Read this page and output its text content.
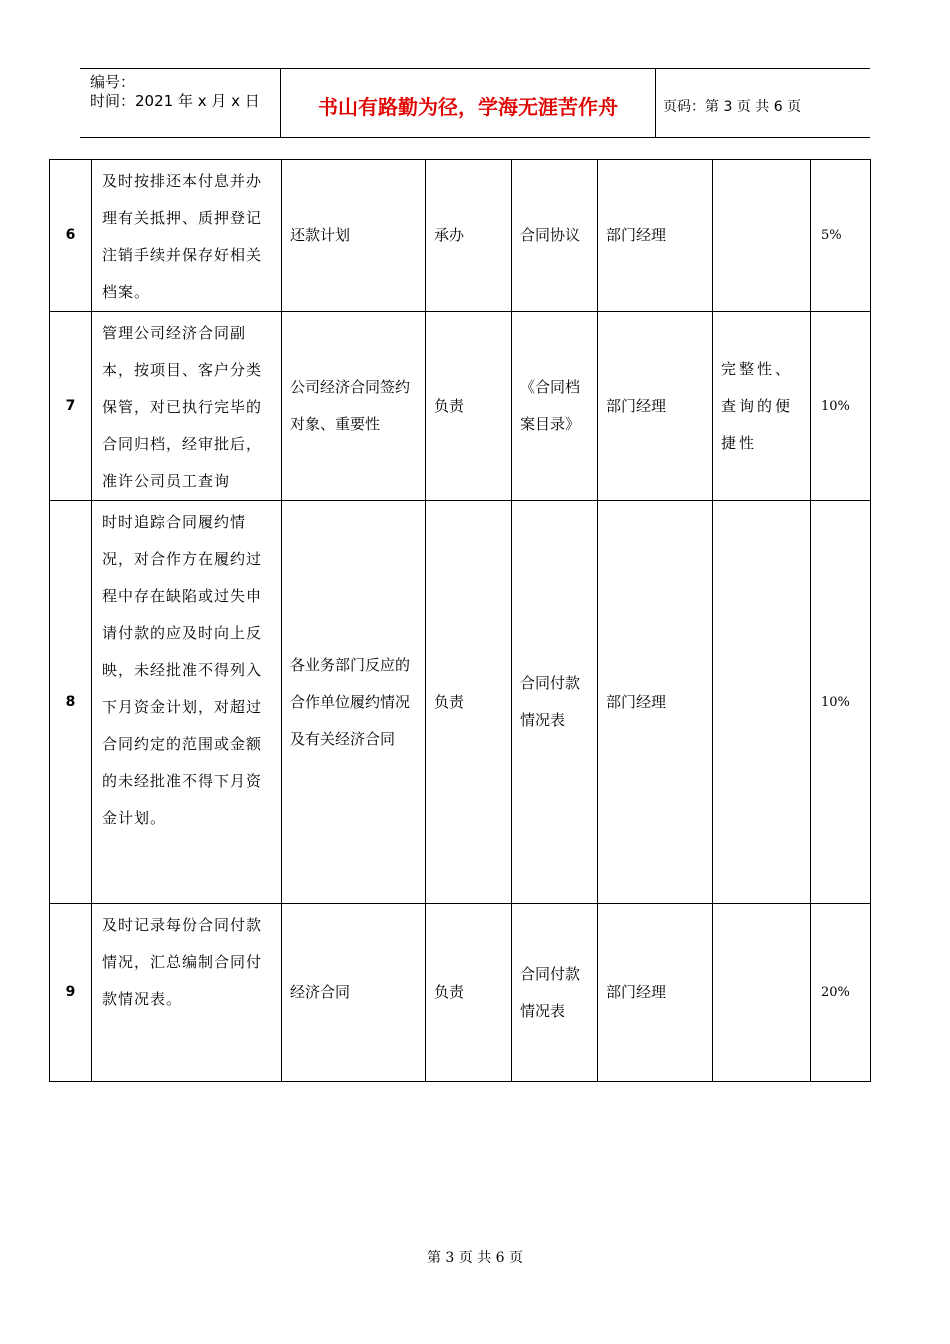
编号：
时间：2021 年 x 月 x 日	书山有路勤为径，学海无涯苦作舟	页码：第 3 页 共 6 页
6	及时按排还本付息并办理有关抵押、质押登记注销手续并保存好相关档案。	还款计划	承办	合同协议	部门经理		5%
7	管理公司经济合同副本，按项目、客户分类保管，对已执行完毕的合同归档，经审批后，准许公司员工查询	公司经济合同签约对象、重要性	负责	《合同档案目录》	部门经理	完整性、查询的便捷性	10%
8	时时追踪合同履约情况，对合作方在履约过程中存在缺陷或过失申请付款的应及时向上反映，未经批准不得列入下月资金计划，对超过合同约定的范围或金额的未经批准不得下月资金计划。	各业务部门反应的合作单位履约情况及有关经济合同	负责	合同付款情况表	部门经理		10%
9	及时记录每份合同付款情况，汇总编制合同付款情况表。	经济合同	负责	合同付款情况表	部门经理		20%
第 3 页 共 6 页
